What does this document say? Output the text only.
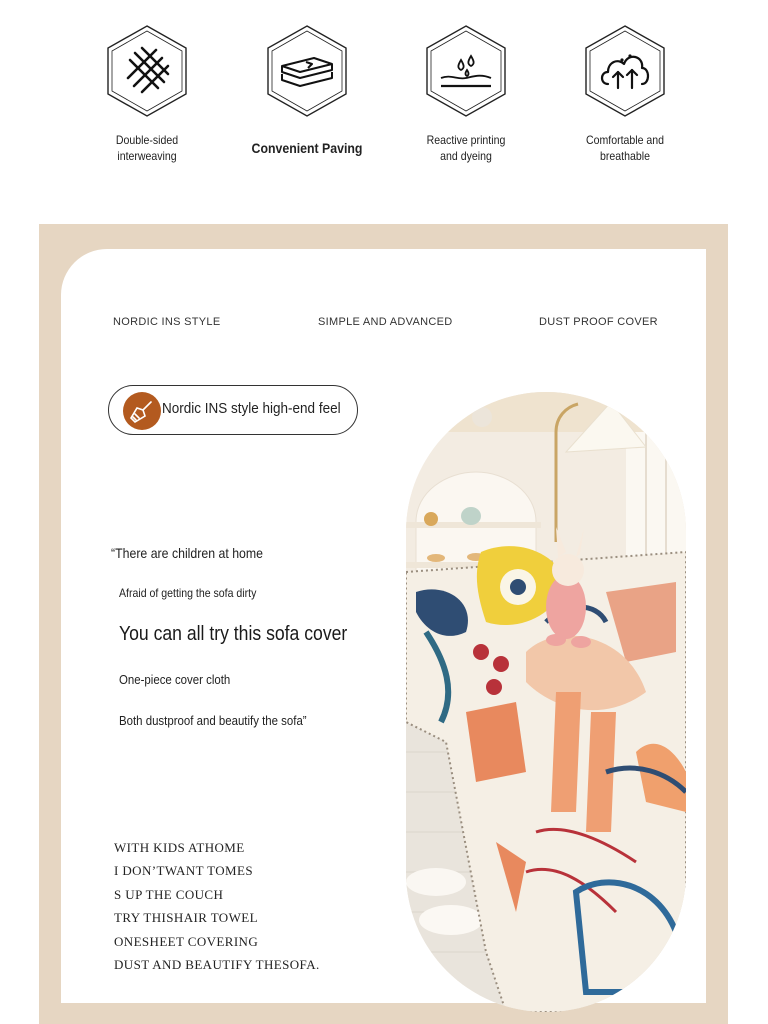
Double-sided interweaving	Convenient Paving	Reactive printing and dyeing
Comfortable and breathable
NORDIC INS STYLE	SIMPLE AND ADVANCED	DUST PROOF COVER
Nordic INS style high-end feel
“There are children at home
Afraid of getting the sofa dirty
You can all try this sofa cover
One-piece cover cloth
Both dustproof and beautify the sofa”
WITH KIDS ATHOME
I DON’TWANT TOMES
S UP THE COUCH
TRY THISHAIR TOWEL
ONESHEET COVERING
DUST AND BEAUTIFY THESOFA.
